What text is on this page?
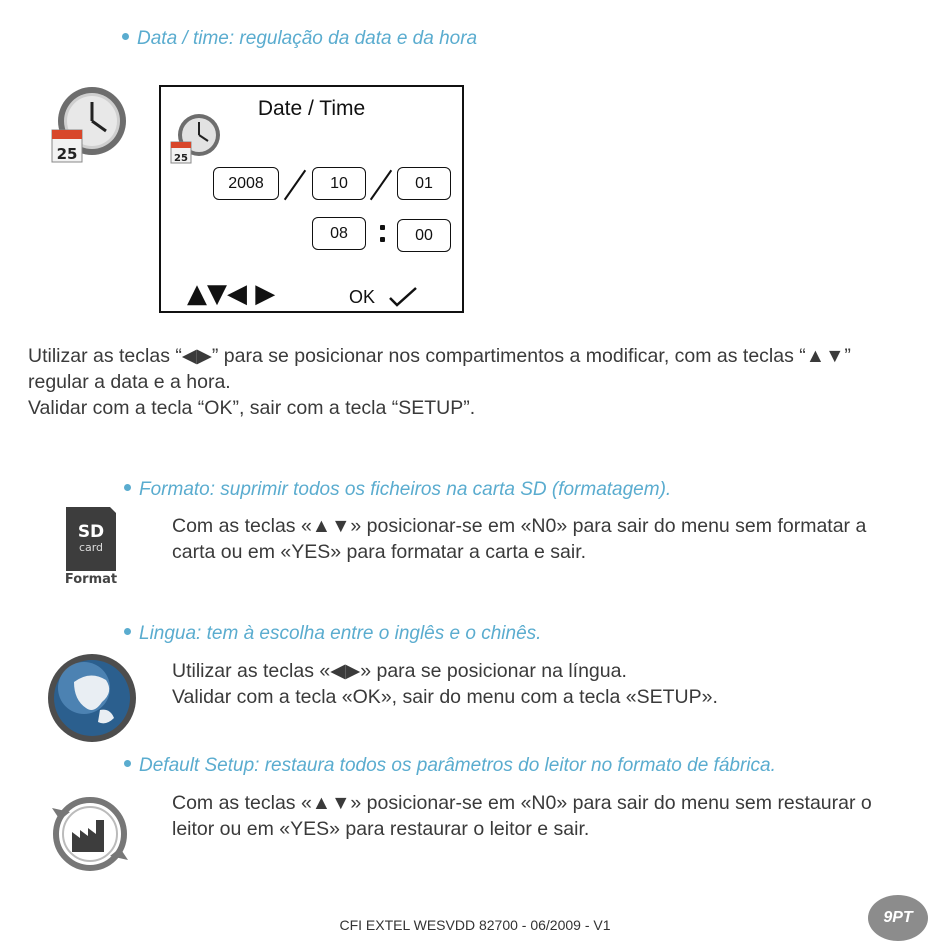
Data / time: regulação da data e da hora
25
Date / Time
25
2008	10	01
08	00
▲▼◀ ▶	OK
Utilizar as teclas “◀▶” para se posicionar nos compartimentos a modificar, com as teclas “▲▼”
regular a data e a hora.
Validar com a tecla “OK”, sair com a tecla “SETUP”.
Formato: suprimir todos os ficheiros na carta SD (formatagem).
SD
card
Format
Com as teclas «▲▼» posicionar-se em «N0» para sair do menu sem formatar a
carta ou em «YES» para formatar a carta e sair.
Lingua: tem à escolha entre o inglês e o chinês.
Utilizar as teclas «◀▶» para se posicionar na língua.
Validar com a tecla «OK», sair do menu com a tecla «SETUP».
Default Setup: restaura todos os parâmetros do leitor no formato de fábrica.
Com as teclas «▲▼» posicionar-se em «N0» para sair do menu sem restaurar o
leitor ou em «YES» para restaurar o leitor e sair.
CFI EXTEL WESVDD 82700 - 06/2009 - V1	9PT
